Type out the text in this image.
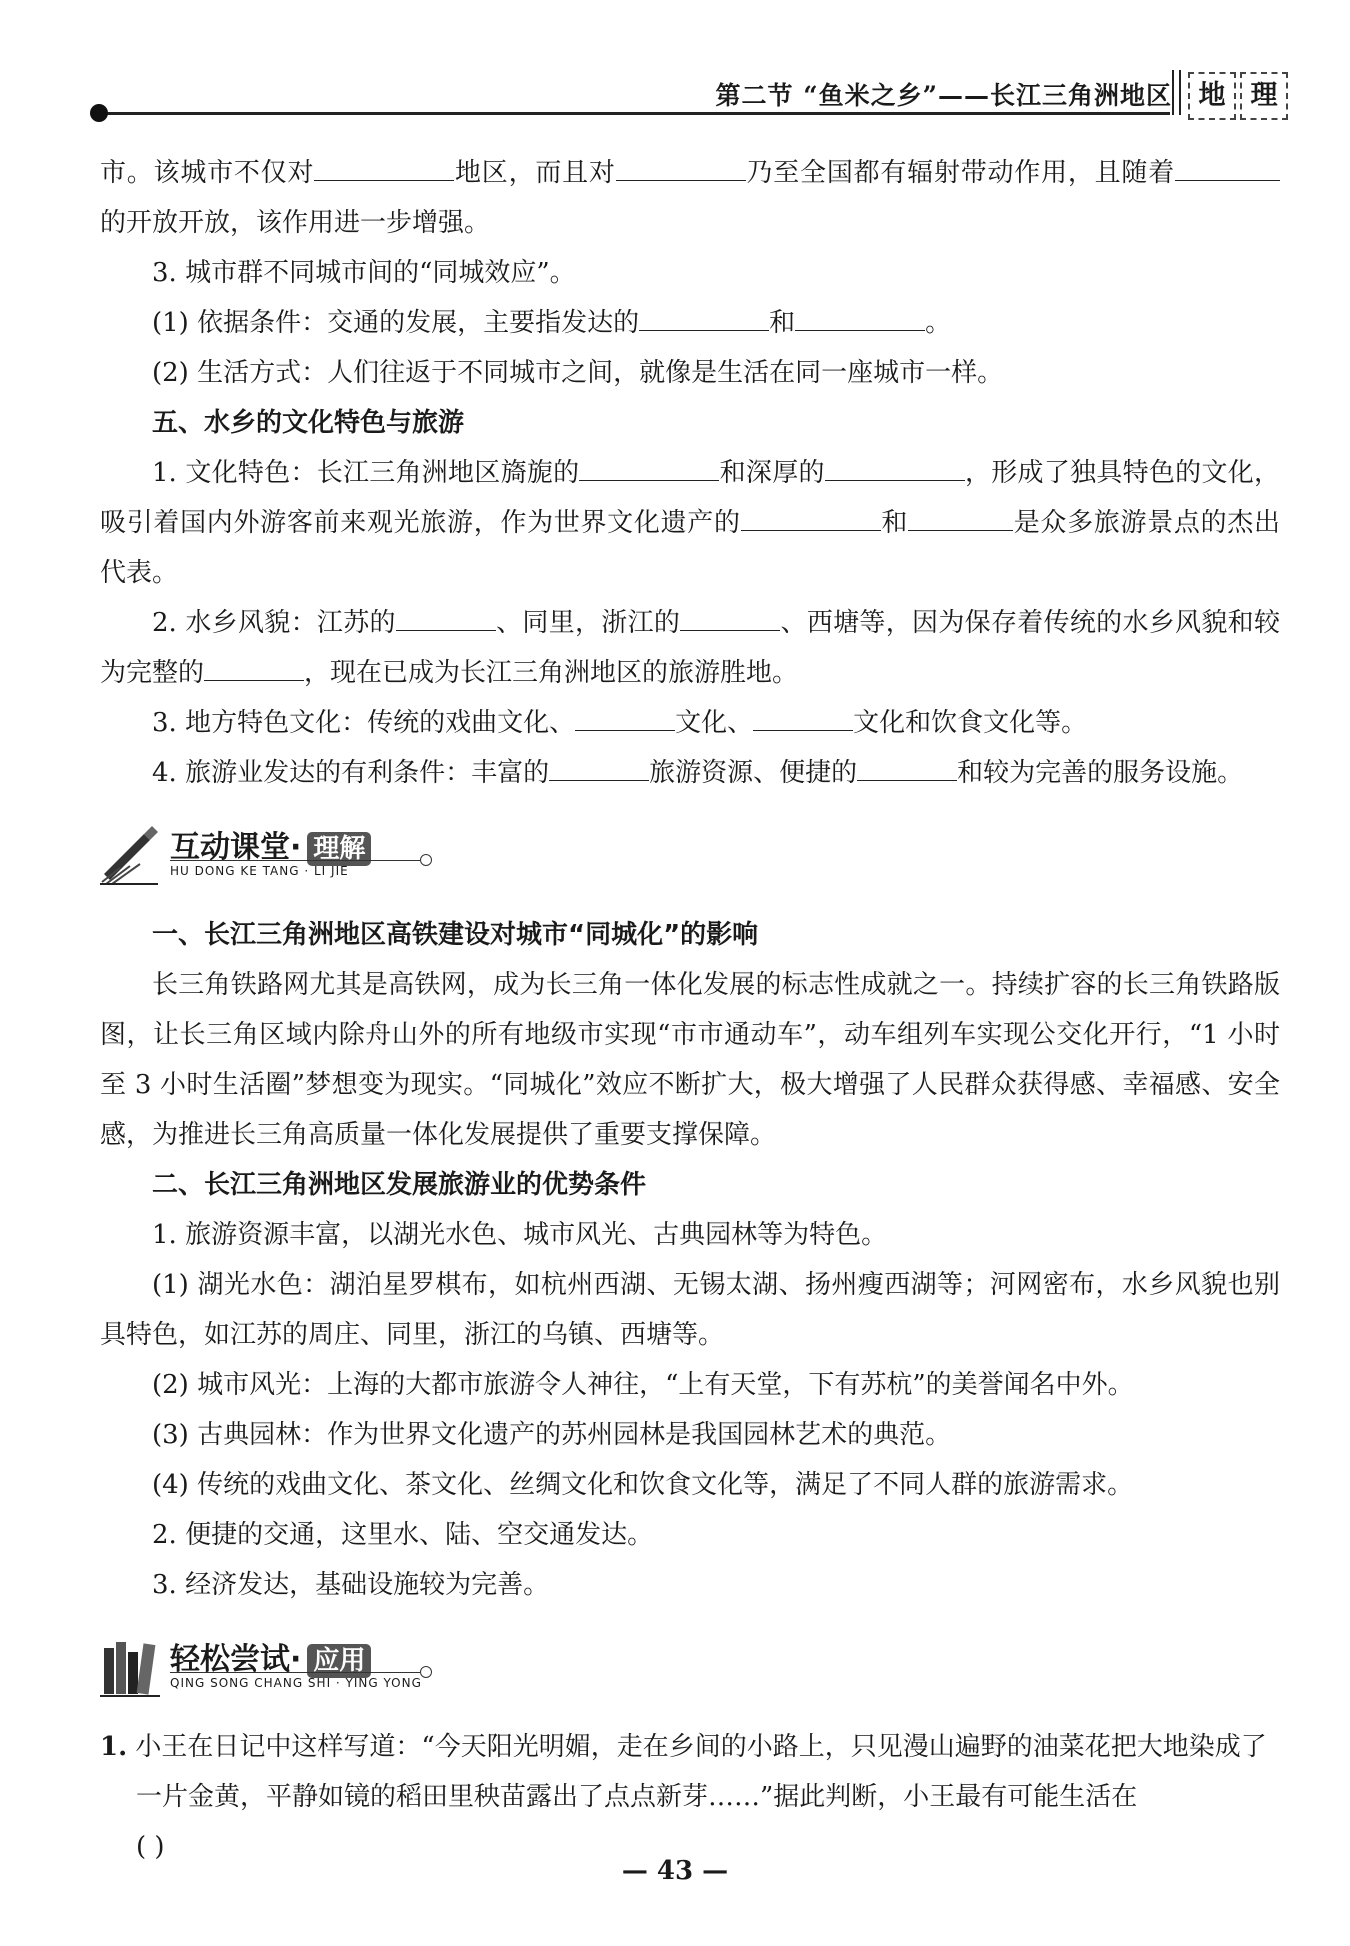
第二节 “鱼米之乡”——长江三角洲地区 地 理

市。该城市不仅对	地区，而且对	乃至全国都有辐射带动作用，且随着的开放开放，该作用进一步增强。

3. 城市群不同城市间的“同城效应”。

(1) 依据条件：交通的发展，主要指发达的	和	。

(2) 生活方式：人们往返于不同城市之间，就像是生活在同一座城市一样。

五、水乡的文化特色与旅游

1. 文化特色：长江三角洲地区旖旎的	和深厚的	，形成了独具特色的文化，吸引着国内外游客前来观光旅游，作为世界文化遗产的	和	是众多旅游景点的杰出代表。

2. 水乡风貌：江苏的	、同里，浙江的	、西塘等，因为保存着传统的水乡风貌和较为完整的	，现在已成为长江三角洲地区的旅游胜地。

3. 地方特色文化：传统的戏曲文化、	文化、	文化和饮食文化等。

4. 旅游业发达的有利条件：丰富的	旅游资源、便捷的	和较为完善的服务设施。

互动课堂· 理解
HU DONG KE TANG · LI JIE

一、长江三角洲地区高铁建设对城市“同城化”的影响

长三角铁路网尤其是高铁网，成为长三角一体化发展的标志性成就之一。持续扩容的长三角铁路版图，让长三角区域内除舟山外的所有地级市实现“市市通动车”，动车组列车实现公交化开行，“1 小时至 3 小时生活圈”梦想变为现实。“同城化”效应不断扩大，极大增强了人民群众获得感、幸福感、安全感，为推进长三角高质量一体化发展提供了重要支撑保障。

二、长江三角洲地区发展旅游业的优势条件

1. 旅游资源丰富，以湖光水色、城市风光、古典园林等为特色。

(1) 湖光水色：湖泊星罗棋布，如杭州西湖、无锡太湖、扬州瘦西湖等；河网密布，水乡风貌也别具特色，如江苏的周庄、同里，浙江的乌镇、西塘等。

(2) 城市风光：上海的大都市旅游令人神往，“上有天堂，下有苏杭”的美誉闻名中外。

(3) 古典园林：作为世界文化遗产的苏州园林是我国园林艺术的典范。

(4) 传统的戏曲文化、茶文化、丝绸文化和饮食文化等，满足了不同人群的旅游需求。

2. 便捷的交通，这里水、陆、空交通发达。

3. 经济发达，基础设施较为完善。

轻松尝试· 应用
QING SONG CHANG SHI · YING YONG

1. 小王在日记中这样写道：“今天阳光明媚，走在乡间的小路上，只见漫山遍野的油菜花把大地染成了一片金黄，平静如镜的稻田里秧苗露出了点点新芽……”据此判断，小王最有可能生活在
( )

— 43 —
